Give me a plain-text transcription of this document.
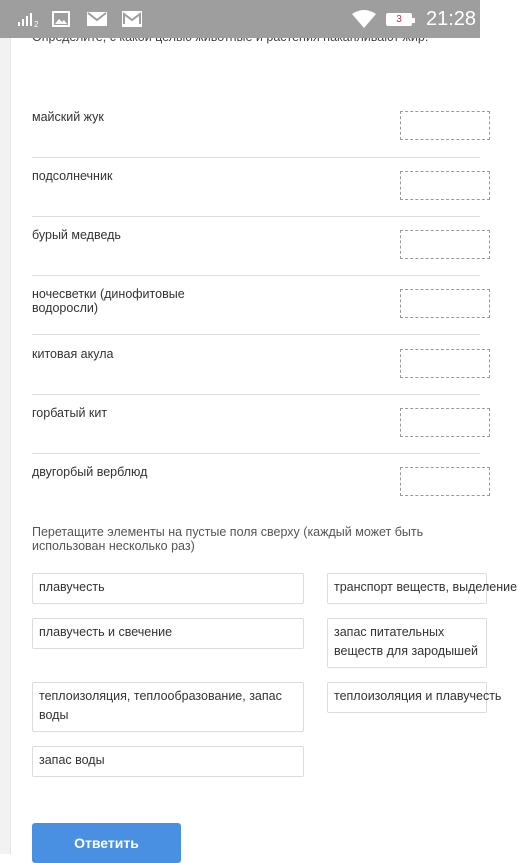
2	3 21:28
майский жук
подсолнечник
бурый медведь
ночесветки (динофитовые водоросли)
китовая акула
горбатый кит
двугорбый верблюд
Перетащите элементы на пустые поля сверху (каждый может быть использован несколько раз)
плавучесть	транспорт веществ, выделение
плавучесть и свечение	запас питательных веществ для зародышей
теплоизоляция, теплообразование, запас воды
теплоизоляция и плавучесть
запас воды
Ответить
